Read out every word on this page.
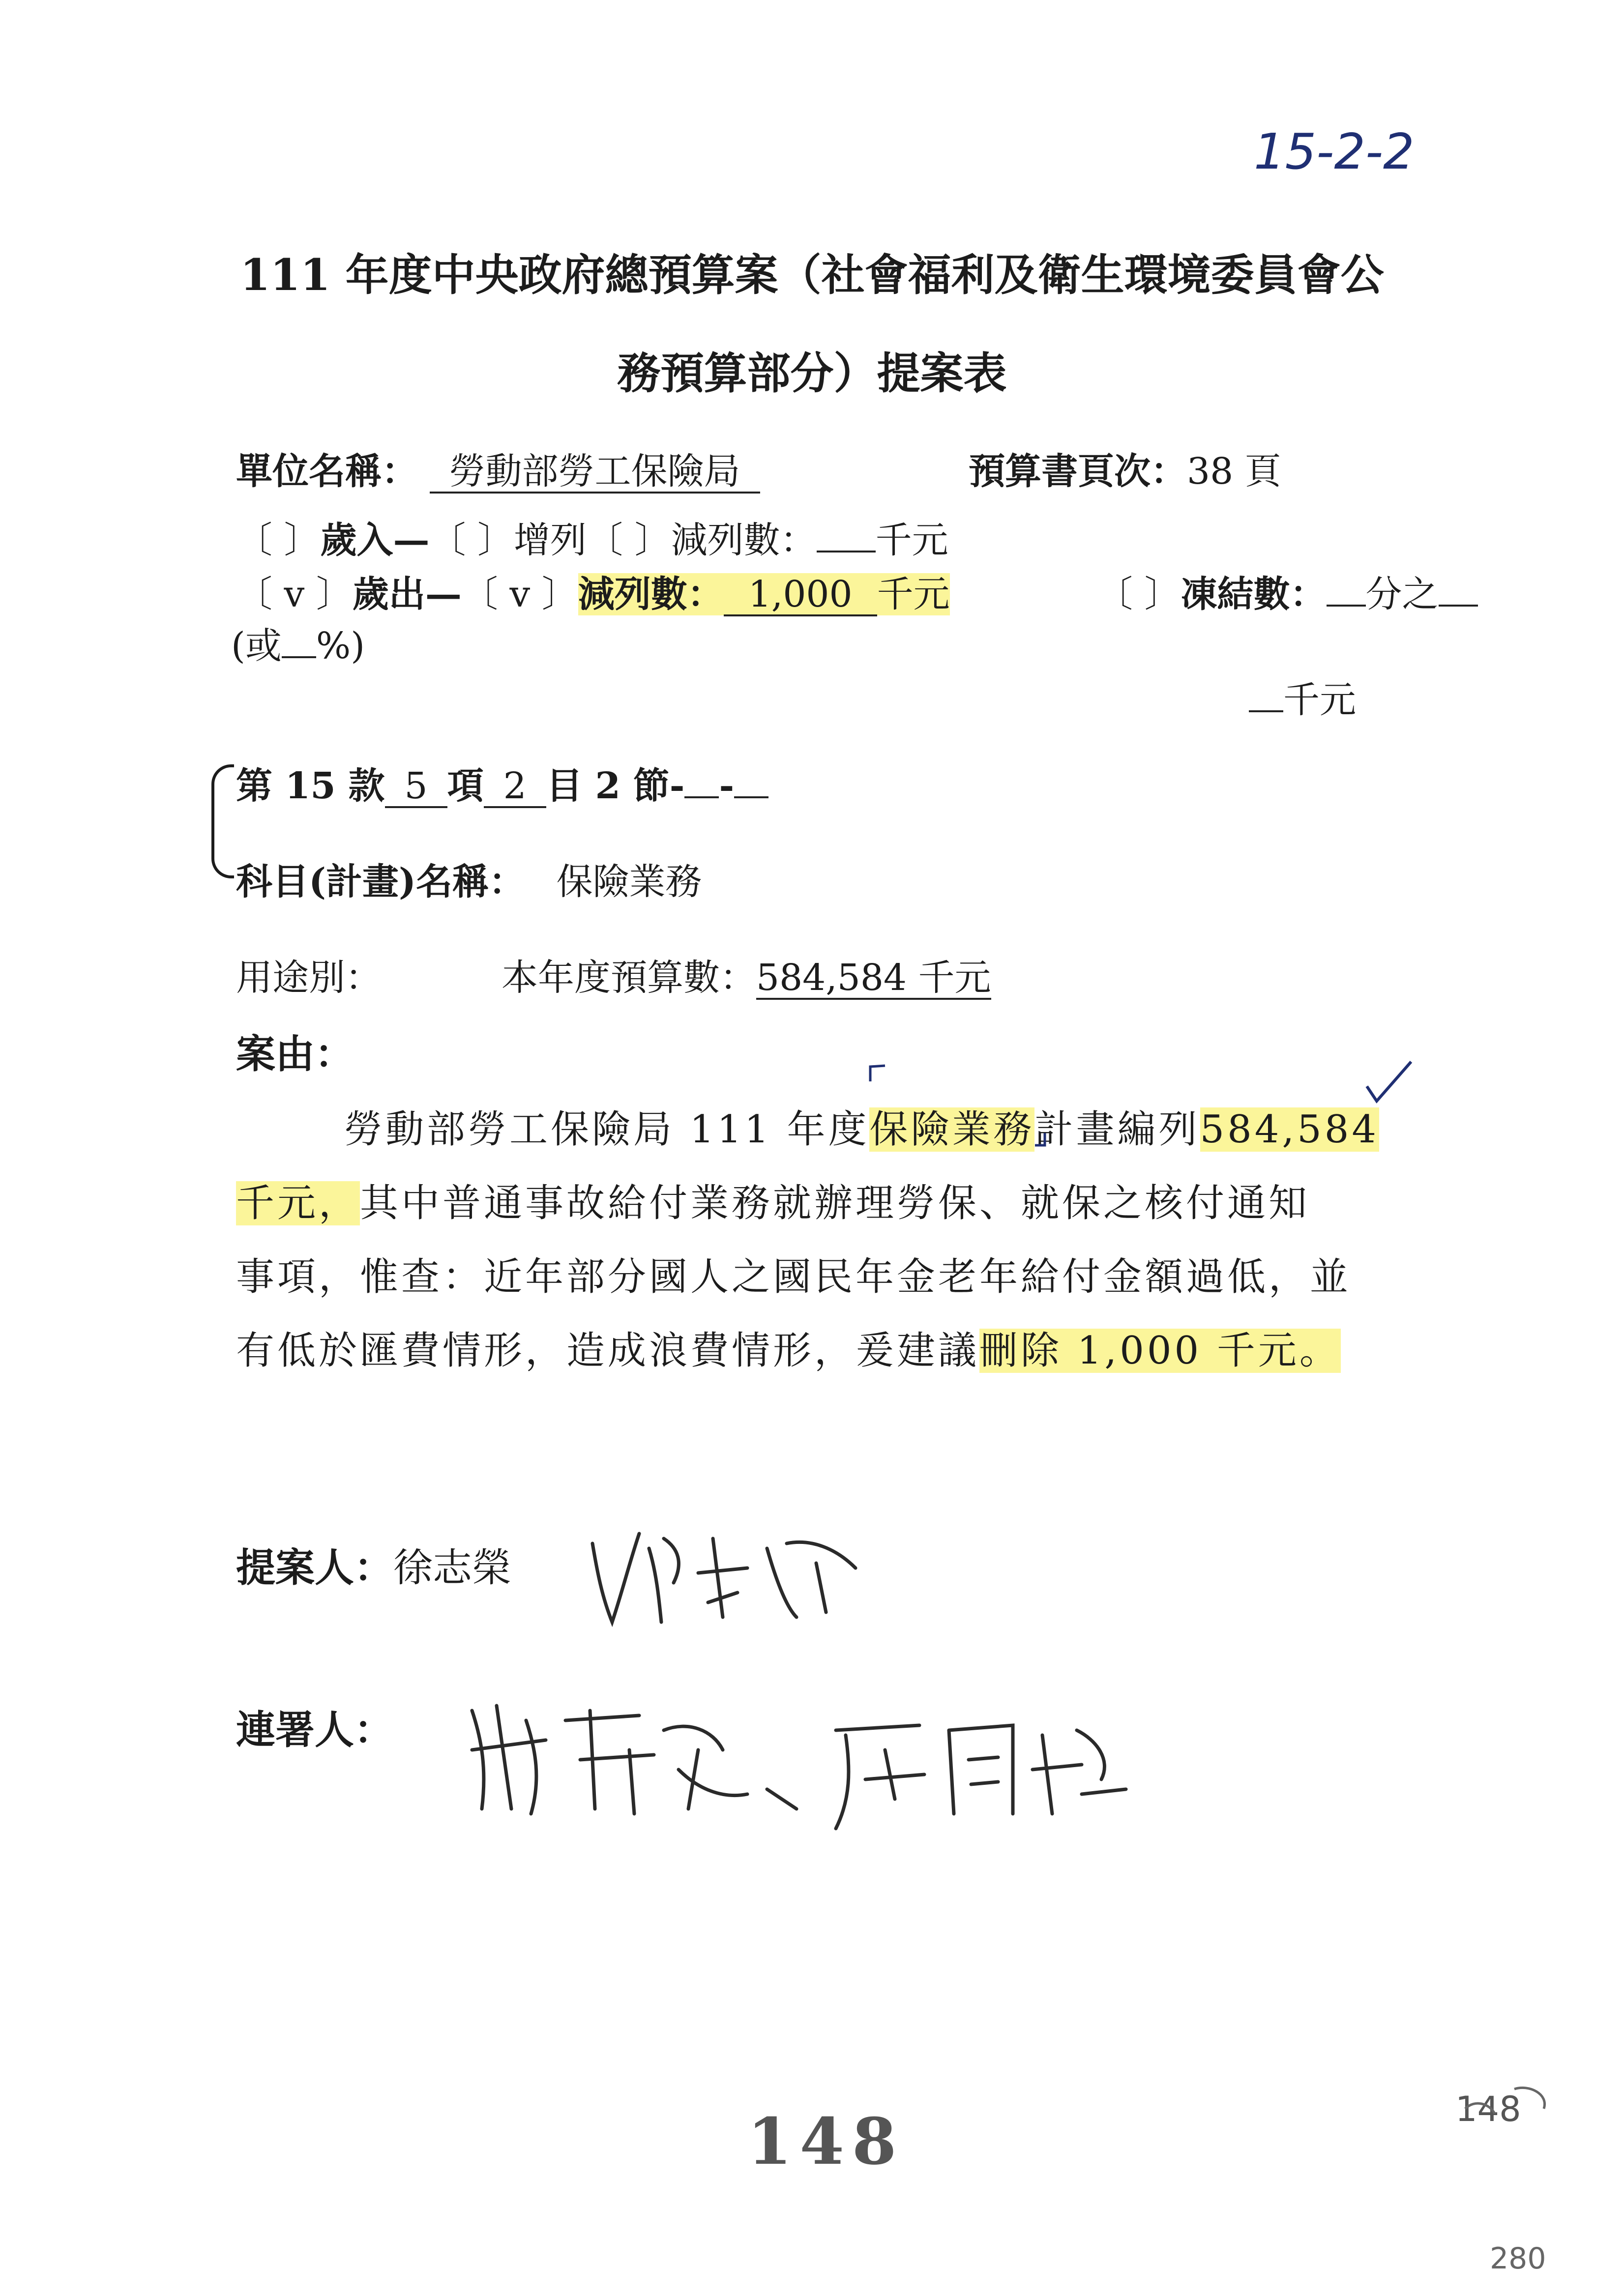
15-2-2
111 年度中央政府總預算案（社會福利及衛生環境委員會公
務預算部分）提案表
單位名稱： 勞動部勞工保險局	預算書頁次：38 頁
〔 〕歲入—〔 〕增列〔 〕減列數： 千元
〔 v 〕歲出—〔 v 〕減列數： 1,000 千元	〔 〕凍結數： 分之
(或 %)
千元
第 15 款 5 項 2 目 2 節- -
科目(計畫)名稱： 保險業務
用途別：	本年度預算數：584,584 千元
案由：
勞動部勞工保險局 111 年度保險業務計畫編列584,584
千元，其中普通事故給付業務就辦理勞保、就保之核付通知
事項，惟查：近年部分國人之國民年金老年給付金額過低，並
有低於匯費情形，造成浪費情形，爰建議刪除 1,000 千元。
提案人：徐志榮
連署人：
148	148
280
